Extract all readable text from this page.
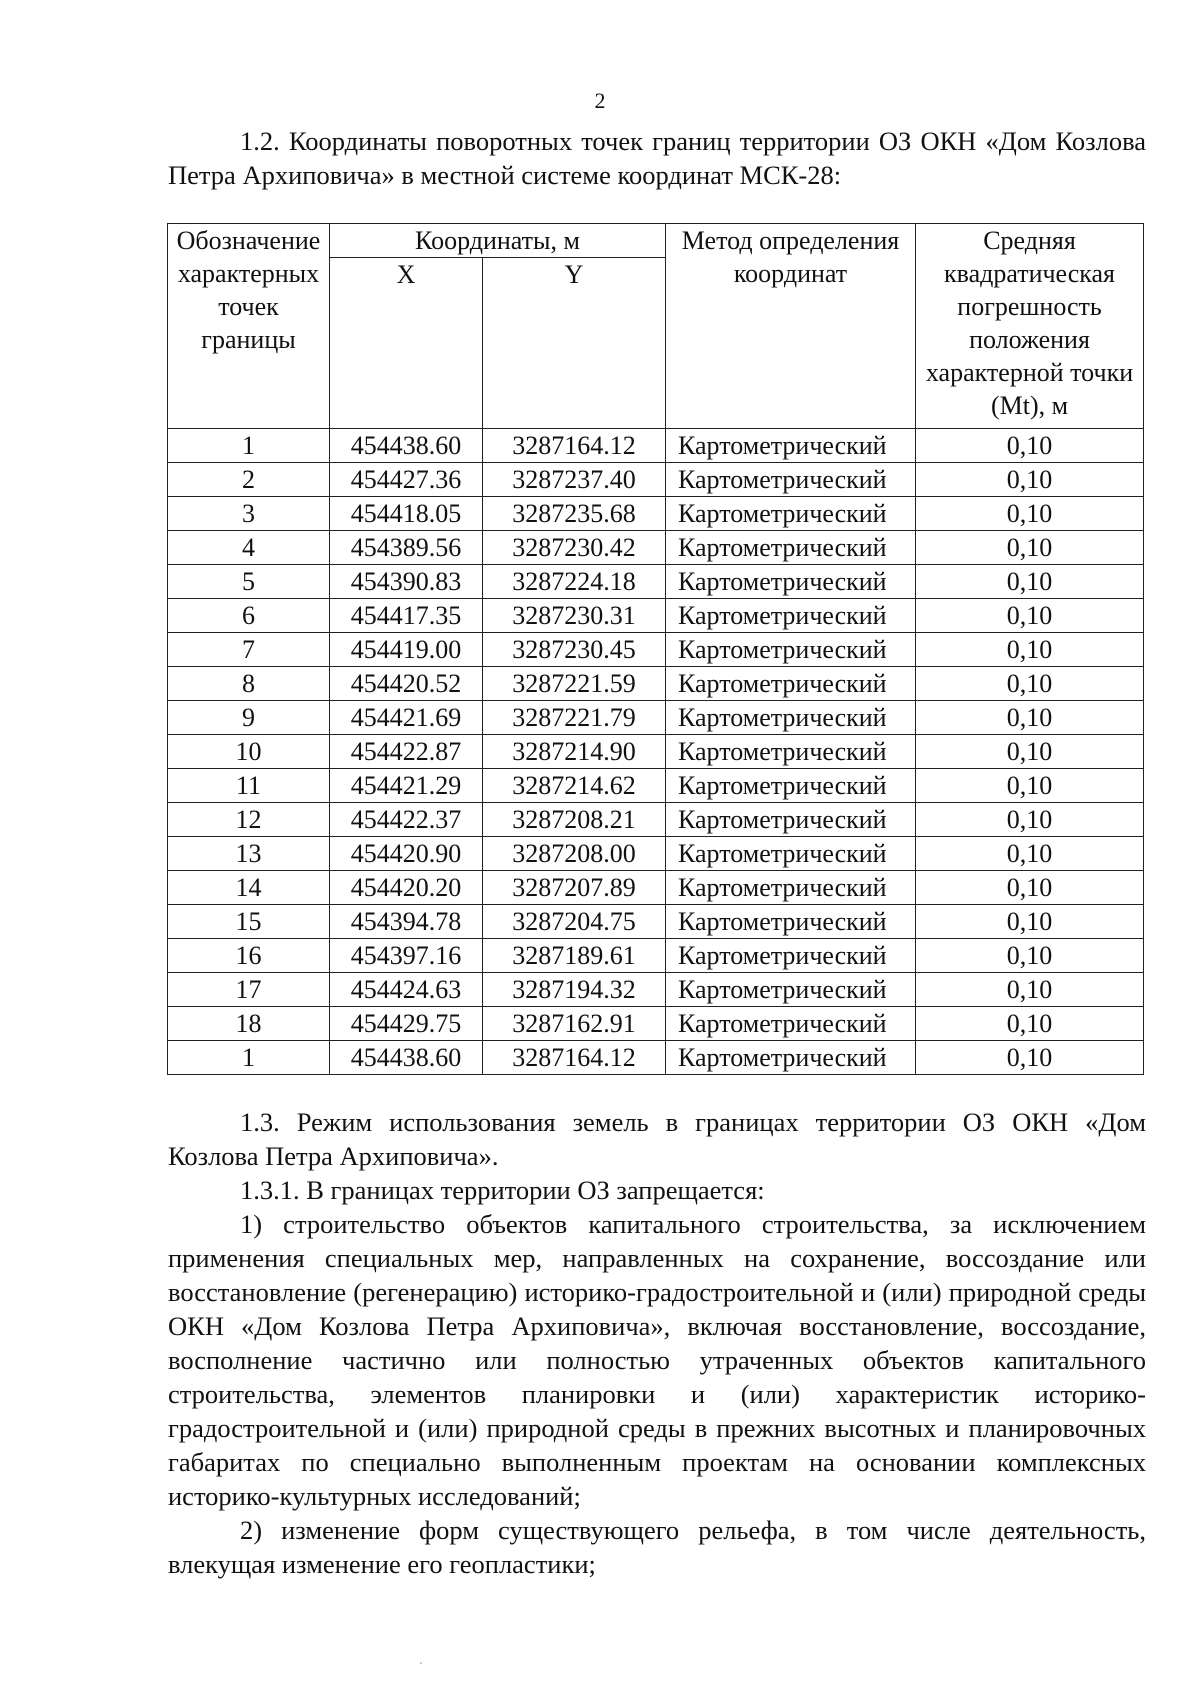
2

1.2. Координаты поворотных точек границ территории ОЗ ОКН «Дом Козлова Петра Архиповича» в местной системе координат МСК-28:

Обозначение характерных точек границы	Координаты, м		Метод определения координат	Средняя квадратическая погрешность положения характерной точки (Mt), м
	X	Y		
1	454438.60	3287164.12	Картометрический	0,10
2	454427.36	3287237.40	Картометрический	0,10
3	454418.05	3287235.68	Картометрический	0,10
4	454389.56	3287230.42	Картометрический	0,10
5	454390.83	3287224.18	Картометрический	0,10
6	454417.35	3287230.31	Картометрический	0,10
7	454419.00	3287230.45	Картометрический	0,10
8	454420.52	3287221.59	Картометрический	0,10
9	454421.69	3287221.79	Картометрический	0,10
10	454422.87	3287214.90	Картометрический	0,10
11	454421.29	3287214.62	Картометрический	0,10
12	454422.37	3287208.21	Картометрический	0,10
13	454420.90	3287208.00	Картометрический	0,10
14	454420.20	3287207.89	Картометрический	0,10
15	454394.78	3287204.75	Картометрический	0,10
16	454397.16	3287189.61	Картометрический	0,10
17	454424.63	3287194.32	Картометрический	0,10
18	454429.75	3287162.91	Картометрический	0,10
1	454438.60	3287164.12	Картометрический	0,10

1.3. Режим использования земель в границах территории ОЗ ОКН «Дом Козлова Петра Архиповича».

1.3.1. В границах территории ОЗ запрещается:

1) строительство объектов капитального строительства, за исключением применения специальных мер, направленных на сохранение, воссоздание или восстановление (регенерацию) историко-градостроительной и (или) природной среды ОКН «Дом Козлова Петра Архиповича», включая восстановление, воссоздание, восполнение частично или полностью утраченных объектов капитального строительства, элементов планировки и (или) характеристик историко-градостроительной и (или) природной среды в прежних высотных и планировочных габаритах по специально выполненным проектам на основании комплексных историко-культурных исследований;

2) изменение форм существующего рельефа, в том числе деятельность, влекущая изменение его геопластики;
